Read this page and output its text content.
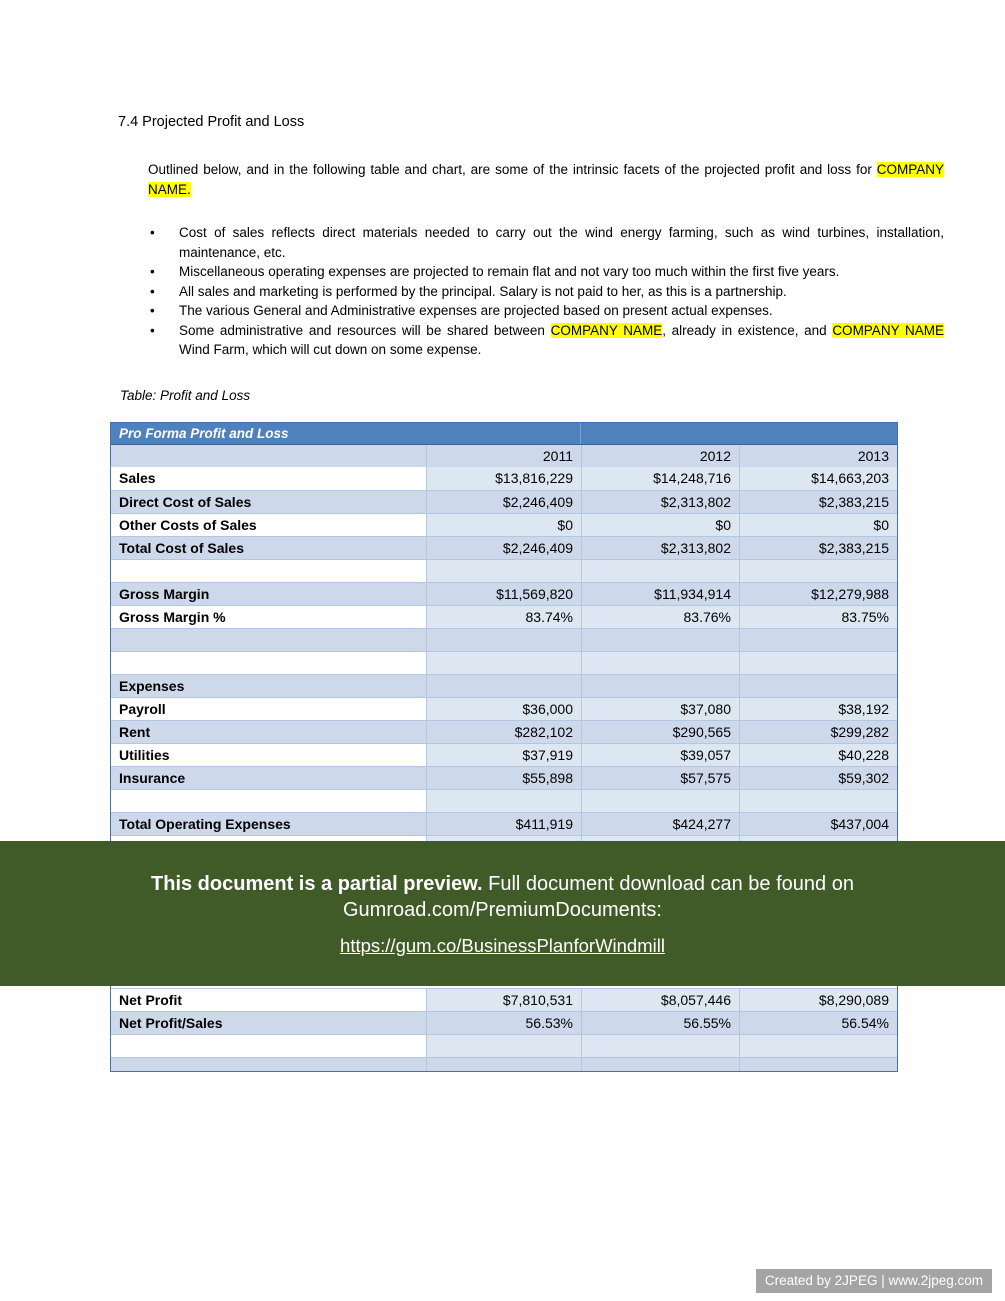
7.4 Projected Profit and Loss

Outlined below, and in the following table and chart, are some of the intrinsic facets of the projected profit and loss for COMPANY NAME.

• Cost of sales reflects direct materials needed to carry out the wind energy farming, such as wind turbines, installation, maintenance, etc.
• Miscellaneous operating expenses are projected to remain flat and not vary too much within the first five years.
• All sales and marketing is performed by the principal. Salary is not paid to her, as this is a partnership.
• The various General and Administrative expenses are projected based on present actual expenses.
• Some administrative and resources will be shared between COMPANY NAME, already in existence, and COMPANY NAME Wind Farm, which will cut down on some expense.

Table: Profit and Loss

Pro Forma Profit and Loss
2011	2012	2013
Sales	$13,816,229	$14,248,716	$14,663,203
Direct Cost of Sales	$2,246,409	$2,313,802	$2,383,215
Other Costs of Sales	$0	$0	$0
Total Cost of Sales	$2,246,409	$2,313,802	$2,383,215
Gross Margin	$11,569,820	$11,934,914	$12,279,988
Gross Margin %	83.74%	83.76%	83.75%
Expenses
Payroll	$36,000	$37,080	$38,192
Rent	$282,102	$290,565	$299,282
Utilities	$37,919	$39,057	$40,228
Insurance	$55,898	$57,575	$59,302
Total Operating Expenses	$411,919	$424,277	$437,004
Net Profit	$7,810,531	$8,057,446	$8,290,089
Net Profit/Sales	56.53%	56.55%	56.54%
This document is a partial preview. Full document download can be found on Gumroad.com/PremiumDocuments:
https://gum.co/BusinessPlanforWindmill
Created by 2JPEG | www.2jpeg.com
